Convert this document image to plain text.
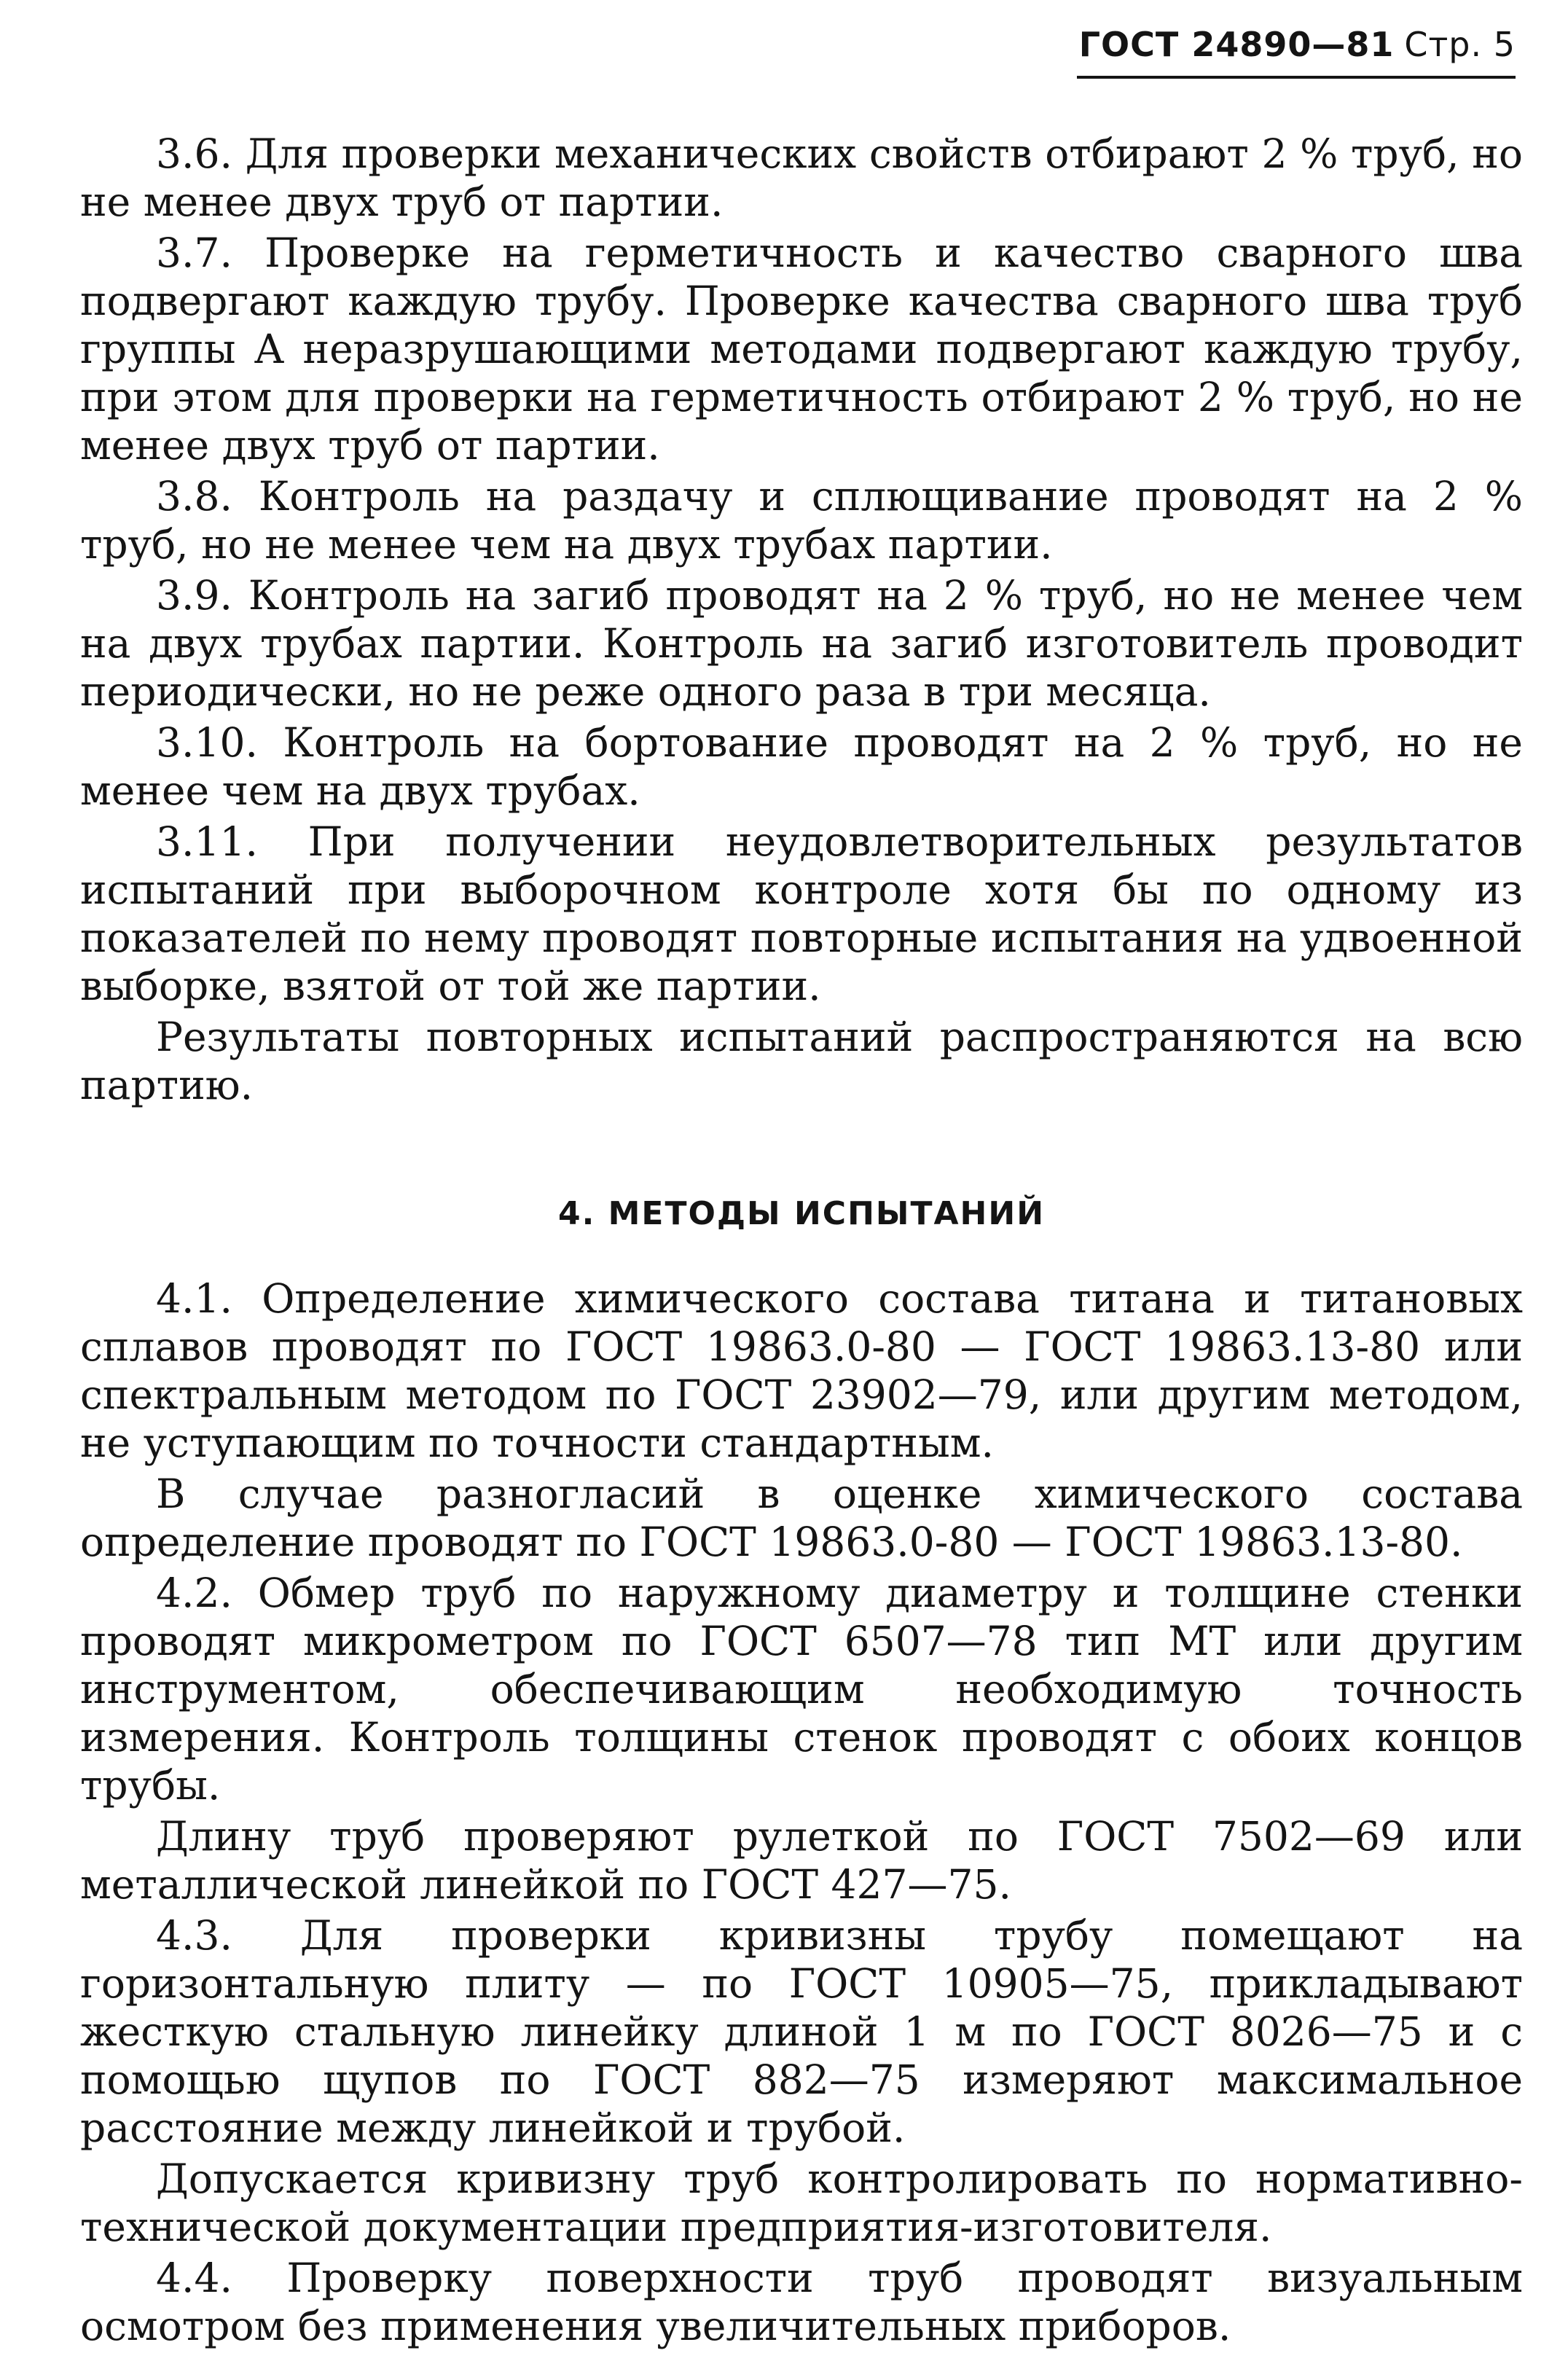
ГОСТ 24890—81 Стр. 5

3.6. Для проверки механических свойств отбирают 2 % труб, но не менее двух труб от партии.

3.7. Проверке на герметичность и качество сварного шва подвергают каждую трубу. Проверке качества сварного шва труб группы А неразрушающими методами подвергают каждую трубу, при этом для проверки на герметичность отбирают 2 % труб, но не менее двух труб от партии.

3.8. Контроль на раздачу и сплющивание проводят на 2 % труб, но не менее чем на двух трубах партии.

3.9. Контроль на загиб проводят на 2 % труб, но не менее чем на двух трубах партии. Контроль на загиб изготовитель проводит периодически, но не реже одного раза в три месяца.

3.10. Контроль на бортование проводят на 2 % труб, но не менее чем на двух трубах.

3.11. При получении неудовлетворительных результатов испытаний при выборочном контроле хотя бы по одному из показателей по нему проводят повторные испытания на удвоенной выборке, взятой от той же партии.

Результаты повторных испытаний распространяются на всю партию.

4. МЕТОДЫ ИСПЫТАНИЙ

4.1. Определение химического состава титана и титановых сплавов проводят по ГОСТ 19863.0-80 — ГОСТ 19863.13-80 или спектральным методом по ГОСТ 23902—79, или другим методом, не уступающим по точности стандартным.

В случае разногласий в оценке химического состава определение проводят по ГОСТ 19863.0-80 — ГОСТ 19863.13-80.

4.2. Обмер труб по наружному диаметру и толщине стенки проводят микрометром по ГОСТ 6507—78 тип МТ или другим инструментом, обеспечивающим необходимую точность измерения. Контроль толщины стенок проводят с обоих концов трубы.

Длину труб проверяют рулеткой по ГОСТ 7502—69 или металлической линейкой по ГОСТ 427—75.

4.3. Для проверки кривизны трубу помещают на горизонтальную плиту — по ГОСТ 10905—75, прикладывают жесткую стальную линейку длиной 1 м по ГОСТ 8026—75 и с помощью щупов по ГОСТ 882—75 измеряют максимальное расстояние между линейкой и трубой.

Допускается кривизну труб контролировать по нормативно-технической документации предприятия-изготовителя.

4.4. Проверку поверхности труб проводят визуальным осмотром без применения увеличительных приборов.
